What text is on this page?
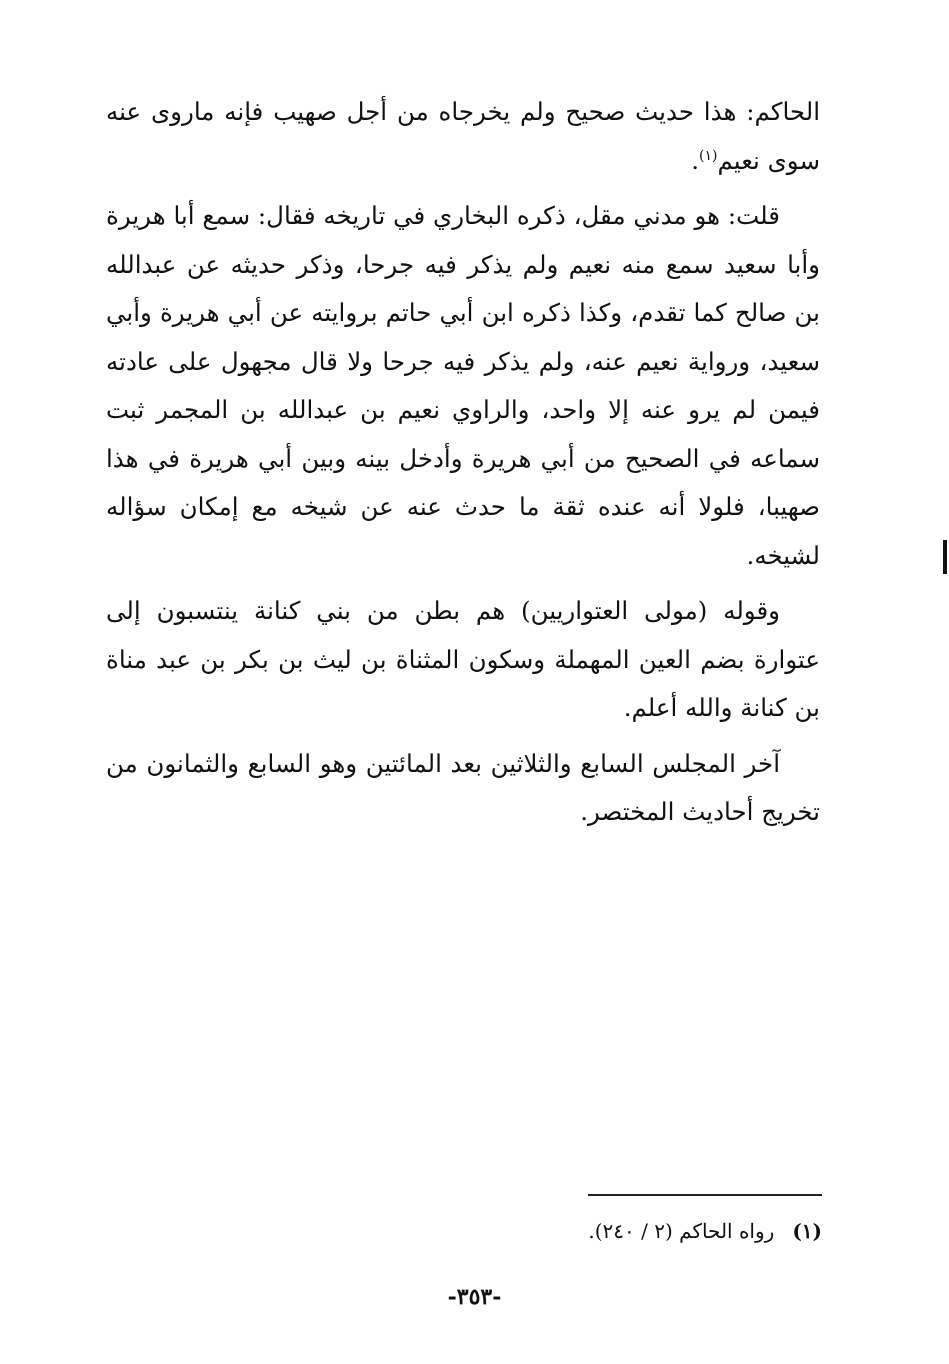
الحاكم: هذا حديث صحيح ولم يخرجاه من أجل صهيب فإنه ماروى عنه سوى نعيم$^{(١)}$.

قلت: هو مدني مقل، ذكره البخاري في تاريخه فقال: سمع أبا هريرة وأبا سعيد سمع منه نعيم ولم يذكر فيه جرحا، وذكر حديثه عن عبدالله بن صالح كما تقدم، وكذا ذكره ابن أبي حاتم بروايته عن أبي هريرة وأبي سعيد، ورواية نعيم عنه، ولم يذكر فيه جرحا ولا قال مجهول على عادته فيمن لم يرو عنه إلا واحد، والراوي نعيم بن عبدالله بن المجمر ثبت سماعه في الصحيح من أبي هريرة وأدخل بينه وبين أبي هريرة في هذا صهيبا، فلولا أنه عنده ثقة ما حدث عنه عن شيخه مع إمكان سؤاله لشيخه.

وقوله (مولى العتواريين) هم بطن من بني كنانة ينتسبون إلى عتوارة بضم العين المهملة وسكون المثناة بن ليث بن بكر بن عبد مناة بن كنانة والله أعلم.

آخر المجلس السابع والثلاثين بعد المائتين وهو السابع والثمانون من تخريج أحاديث المختصر.

(١)رواه الحاكم (٢ / ٢٤٠).
-٣٥٣-
